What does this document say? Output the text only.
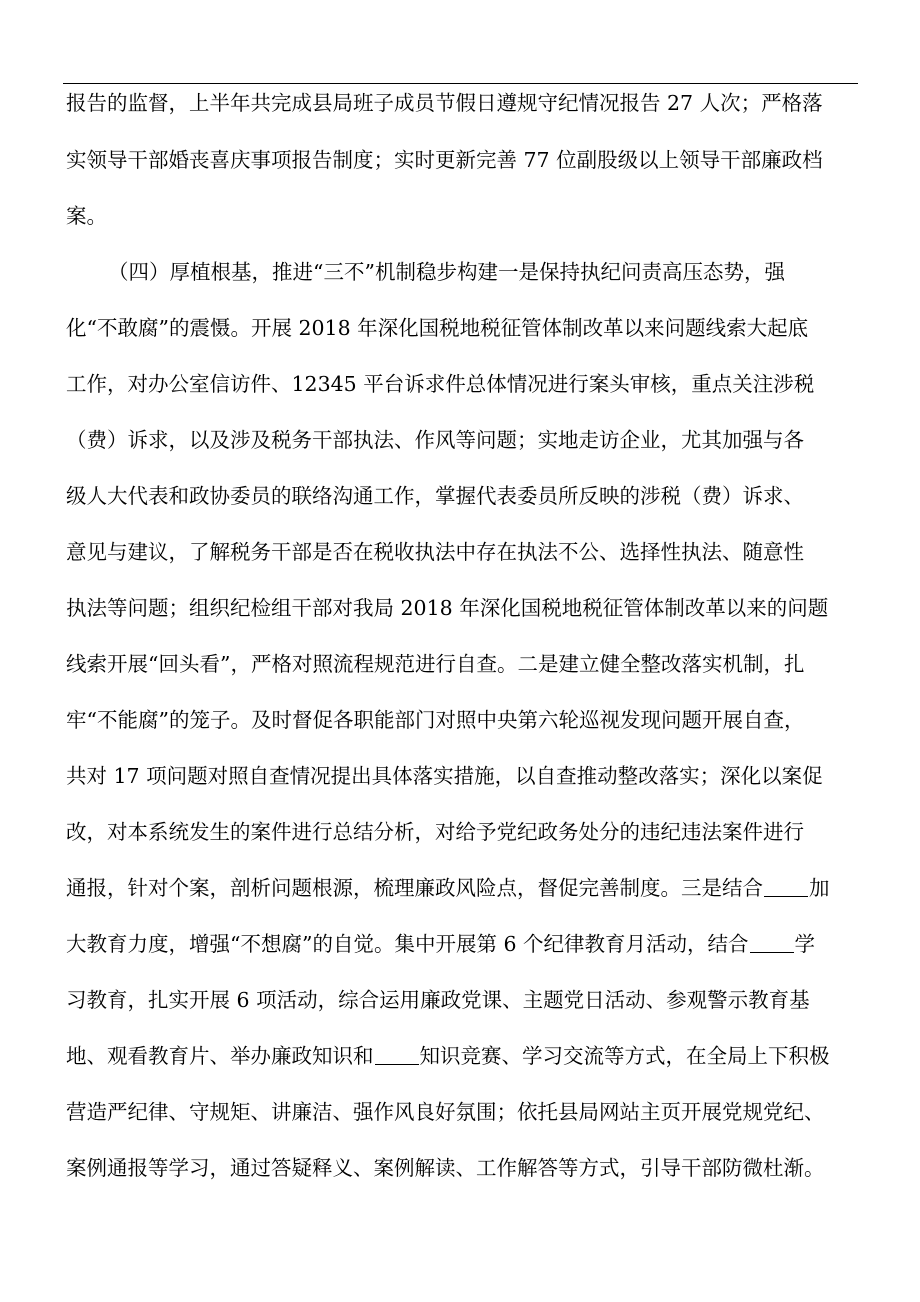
报告的监督，上半年共完成县局班子成员节假日遵规守纪情况报告 27 人次；严格落
实领导干部婚丧喜庆事项报告制度；实时更新完善 77 位副股级以上领导干部廉政档
案。
（四）厚植根基，推进“三不”机制稳步构建一是保持执纪问责高压态势，强
化“不敢腐”的震慑。开展 2018 年深化国税地税征管体制改革以来问题线索大起底
工作，对办公室信访件、12345 平台诉求件总体情况进行案头审核，重点关注涉税
（费）诉求，以及涉及税务干部执法、作风等问题；实地走访企业，尤其加强与各
级人大代表和政协委员的联络沟通工作，掌握代表委员所反映的涉税（费）诉求、
意见与建议，了解税务干部是否在税收执法中存在执法不公、选择性执法、随意性
执法等问题；组织纪检组干部对我局 2018 年深化国税地税征管体制改革以来的问题
线索开展“回头看”，严格对照流程规范进行自查。二是建立健全整改落实机制，扎
牢“不能腐”的笼子。及时督促各职能部门对照中央第六轮巡视发现问题开展自查，
共对 17 项问题对照自查情况提出具体落实措施，以自查推动整改落实；深化以案促
改，对本系统发生的案件进行总结分析，对给予党纪政务处分的违纪违法案件进行
通报，针对个案，剖析问题根源，梳理廉政风险点，督促完善制度。三是结合 加
大教育力度，增强“不想腐”的自觉。集中开展第 6 个纪律教育月活动，结合 学
习教育，扎实开展 6 项活动，综合运用廉政党课、主题党日活动、参观警示教育基
地、观看教育片、举办廉政知识和 知识竞赛、学习交流等方式，在全局上下积极
营造严纪律、守规矩、讲廉洁、强作风良好氛围；依托县局网站主页开展党规党纪、
案例通报等学习，通过答疑释义、案例解读、工作解答等方式，引导干部防微杜渐。
